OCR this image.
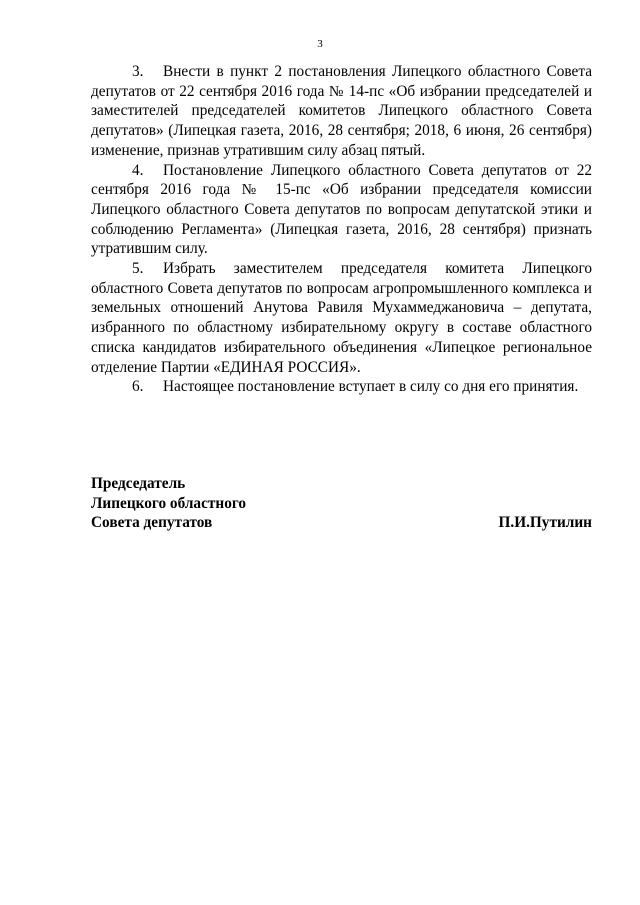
3

3. Внести в пункт 2 постановления Липецкого областного Совета депутатов от 22 сентября 2016 года № 14-пс «Об избрании председателей и заместителей председателей комитетов Липецкого областного Совета депутатов» (Липецкая газета, 2016, 28 сентября; 2018, 6 июня, 26 сентября) изменение, признав утратившим силу абзац пятый.

4. Постановление Липецкого областного Совета депутатов от 22 сентября 2016 года № 15-пс «Об избрании председателя комиссии Липецкого областного Совета депутатов по вопросам депутатской этики и соблюдению Регламента» (Липецкая газета, 2016, 28 сентября) признать утратившим силу.

5. Избрать заместителем председателя комитета Липецкого областного Совета депутатов по вопросам агропромышленного комплекса и земельных отношений Анутова Равиля Мухаммеджановича – депутата, избранного по областному избирательному округу в составе областного списка кандидатов избирательного объединения «Липецкое региональное отделение Партии «ЕДИНАЯ РОССИЯ».

6. Настоящее постановление вступает в силу со дня его принятия.

Председатель

Липецкого областного

Совета депутатов	П.И.Путилин
